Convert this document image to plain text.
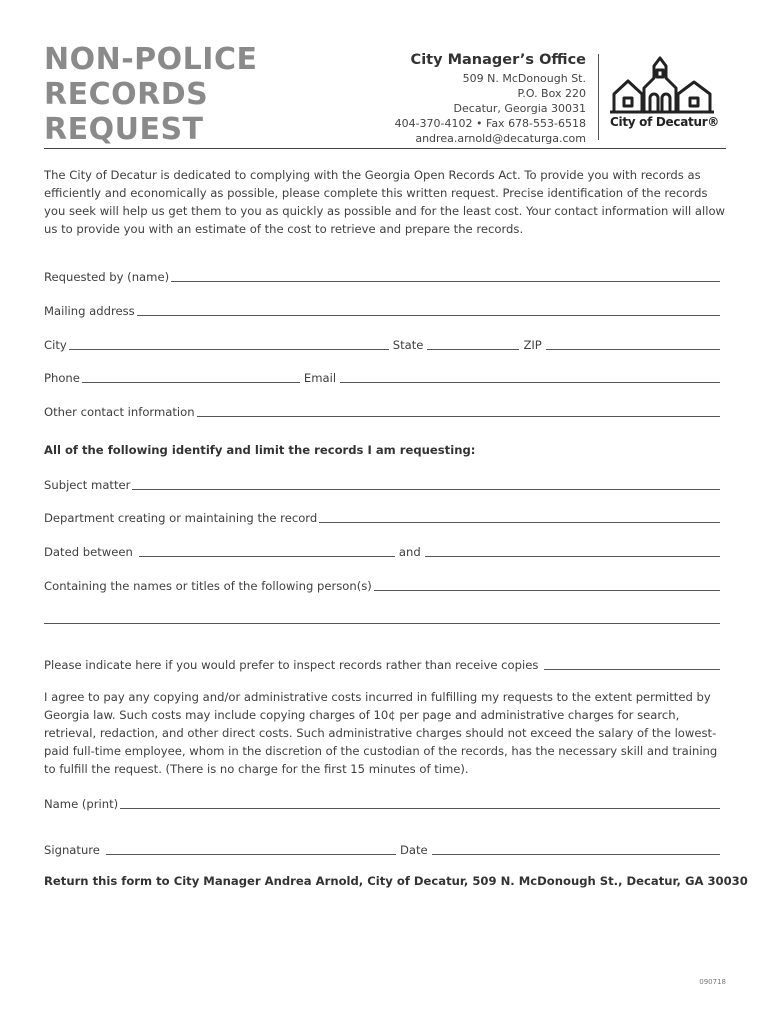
NON-POLICE
RECORDS
REQUEST
City Manager’s Office
509 N. McDonough St.
P.O. Box 220
Decatur, Georgia 30031
404-370-4102 • Fax 678-553-6518
andrea.arnold@decaturga.com
City of Decatur®

The City of Decatur is dedicated to complying with the Georgia Open Records Act. To provide you with records as efficiently and economically as possible, please complete this written request. Precise identification of the records you seek will help us get them to you as quickly as possible and for the least cost. Your contact information will allow us to provide you with an estimate of the cost to retrieve and prepare the records.

Requested by (name)
Mailing address
City	State	ZIP
Phone	Email
Other contact information
All of the following identify and limit the records I am requesting:
Subject matter
Department creating or maintaining the record
Dated between	and
Containing the names or titles of the following person(s)
Please indicate here if you would prefer to inspect records rather than receive copies

I agree to pay any copying and/or administrative costs incurred in fulfilling my requests to the extent permitted by Georgia law. Such costs may include copying charges of 10¢ per page and administrative charges for search, retrieval, redaction, and other direct costs. Such administrative charges should not exceed the salary of the lowest-paid full-time employee, whom in the discretion of the custodian of the records, has the necessary skill and training to fulfill the request. (There is no charge for the first 15 minutes of time).

Name (print)
Signature	Date
Return this form to City Manager Andrea Arnold, City of Decatur, 509 N. McDonough St., Decatur, GA 30030
090718
